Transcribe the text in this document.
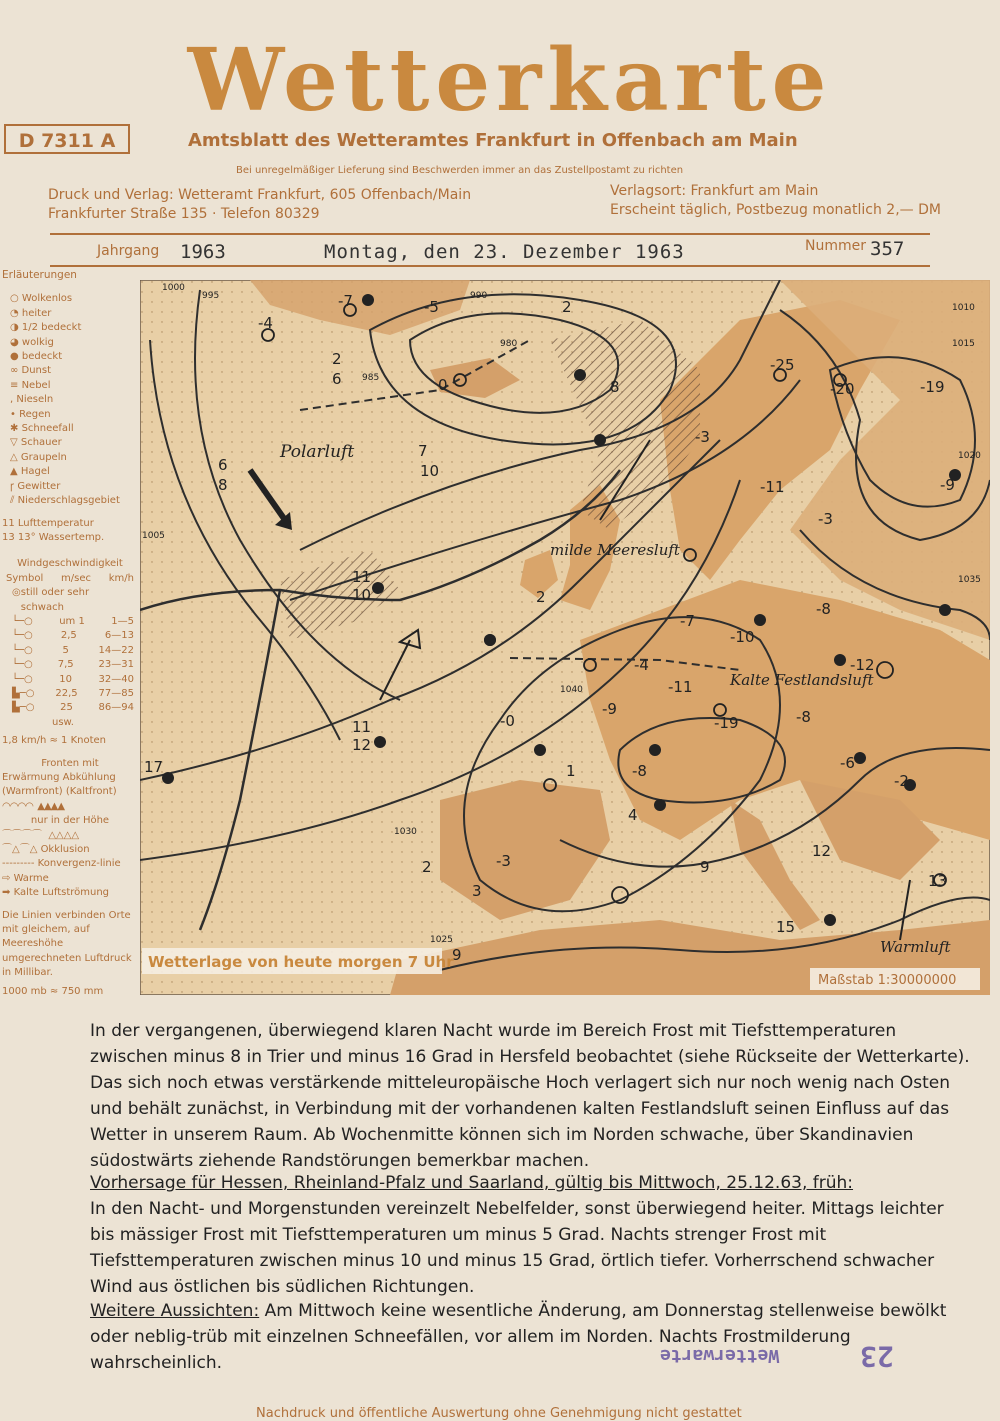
Wetterkarte
D 7311 A	Amtsblatt des Wetteramtes Frankfurt in Offenbach am Main
Bei unregelmäßiger Lieferung sind Beschwerden immer an das Zustellpostamt zu richten
Druck und Verlag: Wetteramt Frankfurt, 605 Offenbach/Main
Frankfurter Straße 135 · Telefon 80329
Verlagsort: Frankfurt am Main
Erscheint täglich, Postbezug monatlich 2,— DM
Jahrgang 1963	Montag, den 23. Dezember 1963	Nummer 357
Erläuterungen
○ Wolkenlos
◔ heiter
◑ 1/2 bedeckt
◕ wolkig
● bedeckt
∞ Dunst
≡ Nebel
, Nieseln
• Regen
✱ Schneefall
▽ Schauer
△ Graupeln
▲ Hagel
ꞅ Gewitter
⫽ Niederschlagsgebiet
11 Lufttemperatur
13 13° Wassertemp.
Windgeschwindigkeit
Symbol m/sec km/h
◎ still oder sehr schwach
└─○	um 1	1—5
└─○	2,5	6—13
└─○	5	14—22
└─○ 7,5 23—31
└─○	10	32—40
▙─○ 22,5 77—85
▙─○	25	86—94
usw.
1,8 km/h ≈ 1 Knoten
Fronten mit
Erwärmung Abkühlung
(Warmfront) (Kaltfront)
◠◠◠◠ ▲▲▲▲
nur in der Höhe
⌒⌒⌒⌒ △△△△
⌒△⌒△ Okklusion
--------- Konvergenz-linie
⇨ Warme
➡ Kalte Luftströmung
Die Linien verbinden Orte mit gleichem, auf Meereshöhe umgerechneten Luftdruck in Millibar.
1000 mb ≈ 750 mm
Polarluft
milde Meeresluft
Kalte Festlandsluft
Warmluft
-7	-5	2
-4
2
6	0
7
8
10
6
8
-3
-25
-20	-19
-9
-11
-3
2
11
10
-7
-10
-8
-12
-11
-9
-19	-8
-6
-2
-0
1	-8
4
-3
2
3
9
15
12
13
17
11
12
9
-4
1000
995	990
985
980
1005
1010
1015
1020
1025
1030
1035
1040
Wetterlage von heute morgen 7 Uhr
Maßstab 1:30000000
In der vergangenen, überwiegend klaren Nacht wurde im Bereich Frost mit Tiefsttemperaturen zwischen minus 8 in Trier und minus 16 Grad in Hersfeld beobachtet (siehe Rückseite der Wetterkarte). Das sich noch etwas verstärkende mitteleuropäische Hoch verlagert sich nur noch wenig nach Osten und behält zunächst, in Verbindung mit der vorhandenen kalten Festlandsluft seinen Einfluss auf das Wetter in unserem Raum. Ab Wochenmitte können sich im Norden schwache, über Skandinavien südostwärts ziehende Randstörungen bemerkbar machen.
Vorhersage für Hessen, Rheinland-Pfalz und Saarland, gültig bis Mittwoch, 25.12.63, früh:
In den Nacht- und Morgenstunden vereinzelt Nebelfelder, sonst überwiegend heiter. Mittags leichter bis mässiger Frost mit Tiefsttemperaturen um minus 5 Grad. Nachts strenger Frost mit Tiefsttemperaturen zwischen minus 10 und minus 15 Grad, örtlich tiefer. Vorherrschend schwacher Wind aus östlichen bis südlichen Richtungen.
Weitere Aussichten: Am Mittwoch keine wesentliche Änderung, am Donnerstag stellenweise bewölkt oder neblig-trüb mit einzelnen Schneefällen, vor allem im Norden. Nachts Frostmilderung wahrscheinlich.	23
Wetterwarte
Nachdruck und öffentliche Auswertung ohne Genehmigung nicht gestattet
